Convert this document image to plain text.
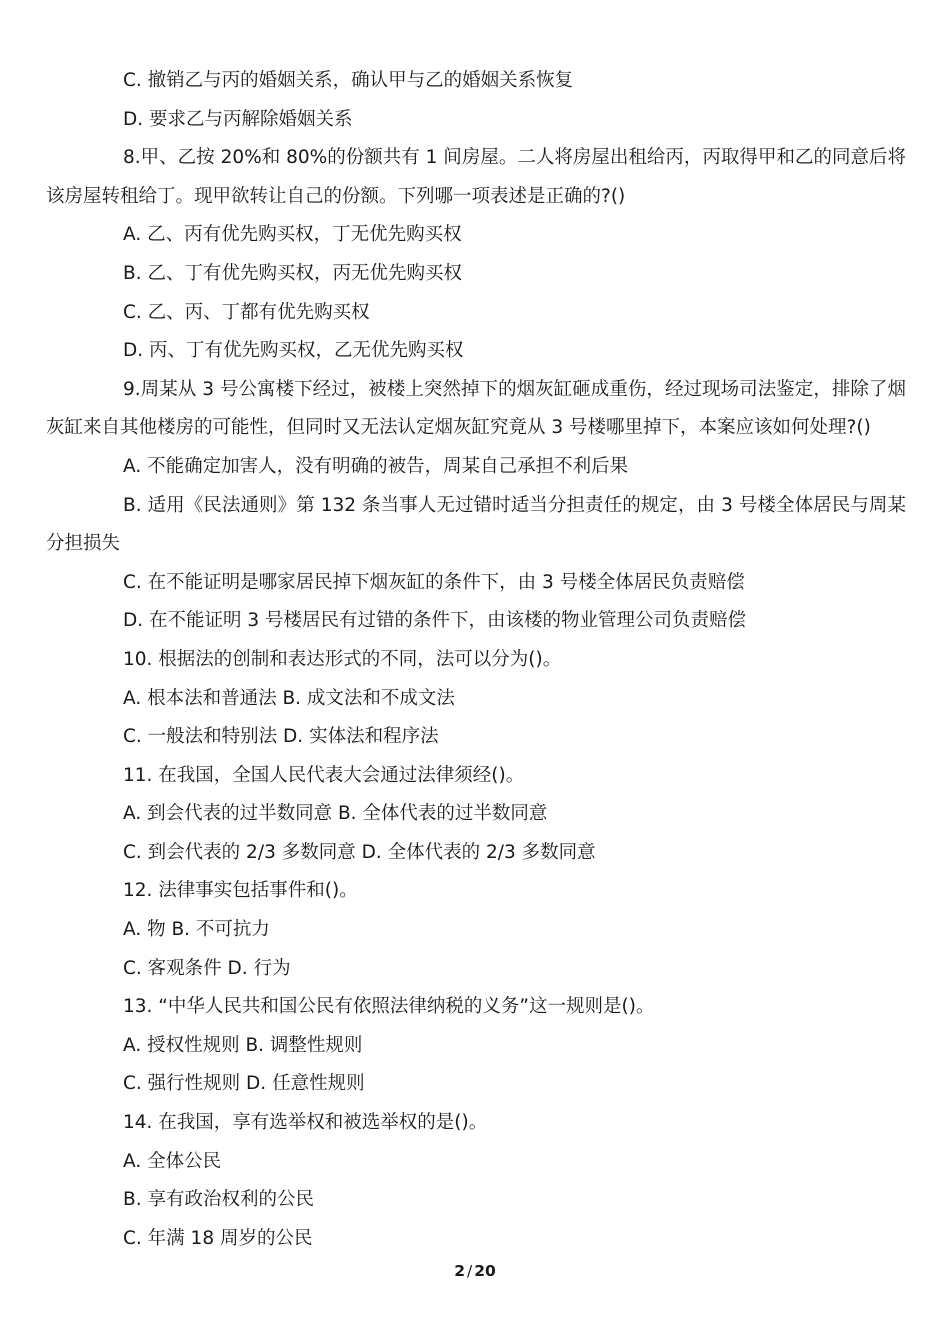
C. 撤销乙与丙的婚姻关系，确认甲与乙的婚姻关系恢复
D. 要求乙与丙解除婚姻关系
8.甲、乙按 20%和 80%的份额共有 1 间房屋。二人将房屋出租给丙，丙取得甲和乙的同意后将
该房屋转租给丁。现甲欲转让自己的份额。下列哪一项表述是正确的?()
A. 乙、丙有优先购买权，丁无优先购买权
B. 乙、丁有优先购买权，丙无优先购买权
C. 乙、丙、丁都有优先购买权
D. 丙、丁有优先购买权，乙无优先购买权
9.周某从 3 号公寓楼下经过，被楼上突然掉下的烟灰缸砸成重伤，经过现场司法鉴定，排除了烟
灰缸来自其他楼房的可能性，但同时又无法认定烟灰缸究竟从 3 号楼哪里掉下，本案应该如何处理?()
A. 不能确定加害人，没有明确的被告，周某自己承担不利后果
B. 适用《民法通则》第 132 条当事人无过错时适当分担责任的规定，由 3 号楼全体居民与周某
分担损失
C. 在不能证明是哪家居民掉下烟灰缸的条件下，由 3 号楼全体居民负责赔偿
D. 在不能证明 3 号楼居民有过错的条件下，由该楼的物业管理公司负责赔偿
10. 根据法的创制和表达形式的不同，法可以分为()。
A. 根本法和普通法 B. 成文法和不成文法
C. 一般法和特别法 D. 实体法和程序法
11. 在我国，全国人民代表大会通过法律须经()。
A. 到会代表的过半数同意 B. 全体代表的过半数同意
C. 到会代表的 2/3 多数同意 D. 全体代表的 2/3 多数同意
12. 法律事实包括事件和()。
A. 物 B. 不可抗力
C. 客观条件 D. 行为
13. “中华人民共和国公民有依照法律纳税的义务”这一规则是()。
A. 授权性规则 B. 调整性规则
C. 强行性规则 D. 任意性规则
14. 在我国，享有选举权和被选举权的是()。
A. 全体公民
B. 享有政治权利的公民
C. 年满 18 周岁的公民
2 / 20
